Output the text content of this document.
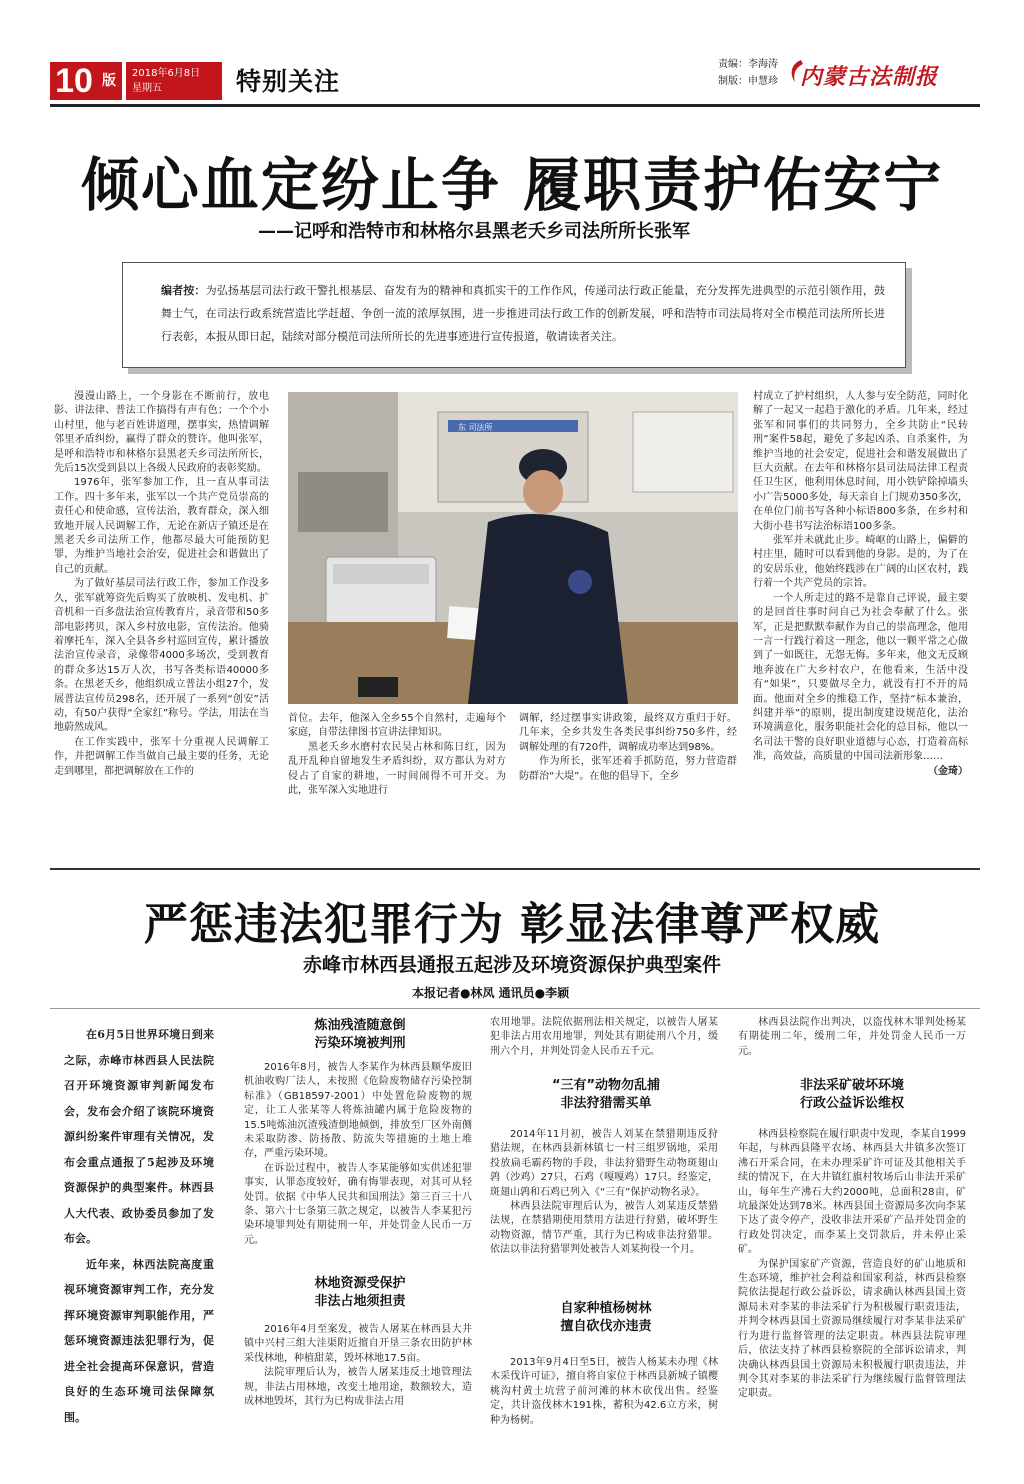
10 版	2018年6月8日
星期五	特别关注
责编：李海涛
制版：申慧珍 内蒙古法制报
倾心血定纷止争 履职责护佑安宁
——记呼和浩特市和林格尔县黑老夭乡司法所所长张军
编者按：为弘扬基层司法行政干警扎根基层、奋发有为的精神和真抓实干的工作作风，传递司法行政正能量，充分发挥先进典型的示范引领作用，鼓舞士气，在司法行政系统营造比学赶超、争创一流的浓厚氛围，进一步推进司法行政工作的创新发展，呼和浩特市司法局将对全市模范司法所所长进行表彰，本报从即日起，陆续对部分模范司法所所长的先进事迹进行宣传报道，敬请读者关注。

漫漫山路上，一个身影在不断前行，放电影、讲法律、普法工作搞得有声有色；一个个小山村里，他与老百姓讲道理，摆事实，热情调解邻里矛盾纠纷，赢得了群众的赞许。他叫张军，是呼和浩特市和林格尔县黑老夭乡司法所所长，先后15次受到县以上各级人民政府的表彰奖励。

1976年，张军参加工作，且一直从事司法工作。四十多年来，张军以一个共产党员崇高的责任心和使命感，宣传法治，教育群众，深入细致地开展人民调解工作，无论在新店子镇还是在黑老夭乡司法所工作，他都尽最大可能预防犯罪，为维护当地社会治安，促进社会和谐做出了自己的贡献。

为了做好基层司法行政工作，参加工作没多久，张军就筹资先后购买了放映机、发电机、扩音机和一百多盘法治宣传教育片，录音带和50多部电影拷贝，深入乡村放电影，宣传法治。他骑着摩托车，深入全县各乡村巡回宣传，累计播放法治宣传录音，录像带4000多场次，受到教育的群众多达15万人次，书写各类标语40000多条。在黑老夭乡，他组织成立普法小组27个，发展普法宣传员298名，还开展了一系列“创安”活动，有50户获得“全家红”称号。学法，用法在当地蔚然成风。

在工作实践中，张军十分重视人民调解工作，并把调解工作当做自己最主要的任务，无论走到哪里，都把调解放在工作的

东 司法所

首位。去年，他深入全乡55个自然村，走遍每个家庭，自带法律图书宣讲法律知识。

黑老夭乡水磨村农民吴占林和陈日红，因为乱开乱种自留地发生矛盾纠纷，双方都认为对方侵占了自家的耕地，一时间闹得不可开交。为此，张军深入实地进行

调解，经过摆事实讲政策，最终双方重归于好。几年来，全乡共发生各类民事纠纷750多件，经调解处理的有720件，调解成功率达到98%。

作为所长，张军还着手抓防范，努力营造群防群治“大堤”。在他的倡导下，全乡

村成立了护村组织，人人参与安全防范，同时化解了一起又一起趋于激化的矛盾。几年来，经过张军和同事们的共同努力，全乡共防止“民转刑”案件58起，避免了多起凶杀、自杀案件，为维护当地的社会安定，促进社会和谐发展做出了巨大贡献。在去年和林格尔县司法局法律工程责任卫生区，他利用休息时间，用小铁铲除掉墙头小广告5000多处，每天亲自上门规劝350多次，在单位门前书写各种小标语800多条，在乡村和大街小巷书写法治标语100多条。

张军并未就此止步。崎岖的山路上，偏僻的村庄里，随时可以看到他的身影。是的，为了在的安居乐业，他始终践涉在广阔的山区农村，践行着一个共产党员的宗旨。

一个人所走过的路不是靠自己评说，最主要的是回首往事时问自己为社会奉献了什么。张军，正是把默默奉献作为自己的崇高理念，他用一言一行践行着这一理念，他以一颗平常之心做到了一如既往，无怨无悔。多年来，他文无反顾地奔波在广大乡村农户，在他看来，生活中没有“如果”，只要做尽全力，就没有打不开的局面。他面对全乡的维稳工作，坚持“标本兼治，纠建并举”的原则，提出制度建设规范化，法治环境满意化，服务职能社会化的总目标，他以一名司法干警的良好职业道德与心态，打造着高标准，高效益，高质量的中国司法新形象……

（金琦）
严惩违法犯罪行为 彰显法律尊严权威
赤峰市林西县通报五起涉及环境资源保护典型案件
本报记者●林凤 通讯员●李颖

在6月5日世界环境日到来之际，赤峰市林西县人民法院召开环境资源审判新闻发布会，发布会介绍了该院环境资源纠纷案件审理有关情况，发布会重点通报了5起涉及环境资源保护的典型案件。林西县人大代表、政协委员参加了发布会。

近年来，林西法院高度重视环境资源审判工作，充分发挥环境资源审判职能作用，严惩环境资源违法犯罪行为，促进全社会提高环保意识，营造良好的生态环境司法保障氛围。

炼油残渣随意倒
污染环境被判刑

2016年8月，被告人李某作为林西县顺华废旧机油收购厂法人，未按照《危险废物储存污染控制标准》（GB18597-2001）中处置危险废物的规定，让工人张某等人将炼油罐内属于危险废物的15.5吨炼油沉渣残渣倒地倾倒，排放至厂区外南侧未采取防渗、防扬散、防流失等措施的土地上堆存，严重污染环境。

在诉讼过程中，被告人李某能够如实供述犯罪事实，认罪态度较好，确有悔罪表现，对其可从轻处罚。依据《中华人民共和国刑法》第三百三十八条、第六十七条第三款之规定，以被告人李某犯污染环境罪判处有期徒刑一年，并处罚金人民币一万元。

林地资源受保护
非法占地须担责

2016年4月至案发，被告人屠某在林西县大井镇中兴村三组大洼渠附近擅自开垦三条农田防护林采伐林地，种植甜菜，毁坏林地17.5亩。

法院审理后认为，被告人屠某违反土地管理法规，非法占用林地，改变土地用途，数额较大，造成林地毁坏，其行为已构成非法占用

农用地罪。法院依据刑法相关规定，以被告人屠某犯非法占用农用地罪，判处其有期徒刑八个月，缓刑六个月，并判处罚金人民币五千元。

“三有”动物勿乱捕
非法狩猎需买单

2014年11月初，被告人刘某在禁猎期违反狩猎法规，在林西县新林镇七一村三组罗锅地，采用投放扁毛霸药物的手段，非法狩猎野生动物斑翅山鹑（沙鸡）27只，石鸡（嘎嘎鸡）17只。经鉴定，斑翅山鹑和石鸡已列入《“三有”保护动物名录》。

林西县法院审理后认为，被告人刘某违反禁猎法规，在禁猎期使用禁用方法进行狩猎，破坏野生动物资源，情节严重，其行为已构成非法狩猎罪。依法以非法狩猎罪判处被告人刘某拘役一个月。

自家种植杨树林
擅自砍伐亦违责

2013年9月4日至5日，被告人杨某未办理《林木采伐许可证》，擅自将自家位于林西县新城子镇樱桃沟村黄土坑营子前河滩的林木砍伐出售。经鉴定，共计盗伐林木191株，蓄积为42.6立方米，树种为杨树。

林西县法院作出判决，以盗伐林木罪判处杨某有期徒刑二年，缓刑二年，并处罚金人民币一万元。

非法采矿破坏环境
行政公益诉讼维权

林西县检察院在履行职责中发现，李某自1999年起，与林西县隆平农场、林西县大井镇多次签订沸石开采合同，在未办理采矿许可证及其他相关手续的情况下，在大井镇红旗村牧场后山非法开采矿山，每年生产沸石大约2000吨，总面积28亩，矿坑最深处达到78米。林西县国土资源局多次向李某下达了责令停产，没收非法开采矿产品并处罚金的行政处罚决定，而李某上交罚款后，并未停止采矿。

为保护国家矿产资源，营造良好的矿山地质和生态环境，维护社会利益和国家利益，林西县检察院依法提起行政公益诉讼，请求确认林西县国土资源局未对李某的非法采矿行为积极履行职责违法，并判令林西县国土资源局继续履行对李某非法采矿行为进行监督管理的法定职责。林西县法院审理后，依法支持了林西县检察院的全部诉讼请求，判决确认林西县国土资源局未积极履行职责违法，并判令其对李某的非法采矿行为继续履行监督管理法定职责。
